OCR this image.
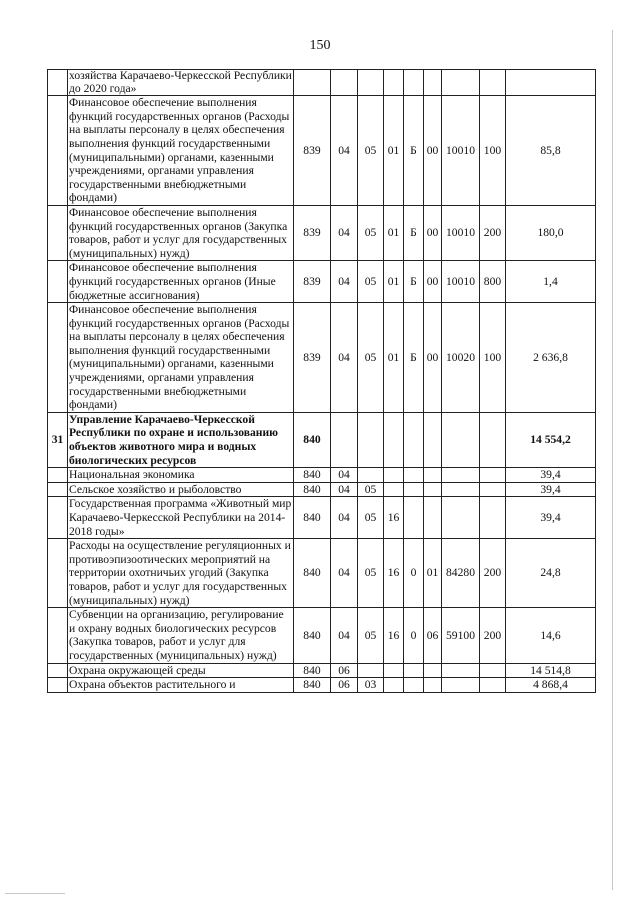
150
	хозяйства Карачаево-Черкесской Республики до 2020 года»									
	Финансовое обеспечение выполнения функций государственных органов (Расходы на выплаты персоналу в целях обеспечения выполнения функций государственными (муниципальными) органами, казенными учреждениями, органами управления государственными внебюджетными фондами)	839	04	05	01	Б	00	10010	100	85,8
	Финансовое обеспечение выполнения функций государственных органов (Закупка товаров, работ и услуг для государственных (муниципальных) нужд)	839	04	05	01	Б	00	10010	200	180,0
	Финансовое обеспечение выполнения функций государственных органов (Иные бюджетные ассигнования)	839	04	05	01	Б	00	10010	800	1,4
	Финансовое обеспечение выполнения функций государственных органов (Расходы на выплаты персоналу в целях обеспечения выполнения функций государственными (муниципальными) органами, казенными учреждениями, органами управления государственными внебюджетными фондами)	839	04	05	01	Б	00	10020	100	2 636,8
31	Управление Карачаево-Черкесской Республики по охране и использованию объектов животного мира и водных биологических ресурсов	840								14 554,2
	Национальная экономика	840	04							39,4
	Сельское хозяйство и рыболовство	840	04	05						39,4
	Государственная программа «Животный мир Карачаево-Черкесской Республики на 2014-2018 годы»	840	04	05	16					39,4
	Расходы на осуществление регуляционных и противоэпизоотических мероприятий на территории охотничьих угодий (Закупка товаров, работ и услуг для государственных (муниципальных) нужд)	840	04	05	16	0	01	84280	200	24,8
	Субвенции на организацию, регулирование и охрану водных биологических ресурсов (Закупка товаров, работ и услуг для государственных (муниципальных) нужд)	840	04	05	16	0	06	59100	200	14,6
	Охрана окружающей среды	840	06							14 514,8
	Охрана объектов растительного и	840	06	03						4 868,4
